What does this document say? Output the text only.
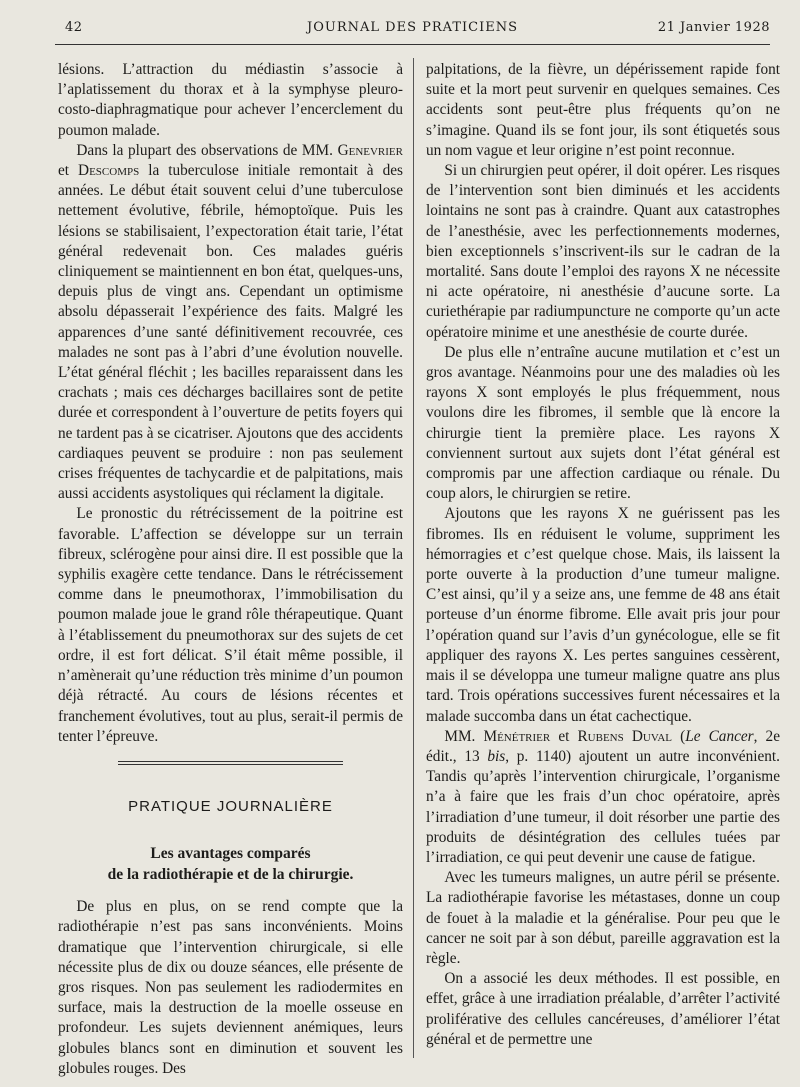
42	JOURNAL DES PRATICIENS	21 Janvier 1928

lésions. L’attraction du médiastin s’associe à l’aplatissement du thorax et à la symphyse pleuro-costo-diaphragmatique pour achever l’encerclement du poumon malade.

Dans la plupart des observations de MM. Genevrier et Descomps la tuberculose initiale remontait à des années. Le début était souvent celui d’une tuberculose nettement évolutive, fébrile, hémoptoïque. Puis les lésions se stabilisaient, l’expectoration était tarie, l’état général redevenait bon. Ces malades guéris cliniquement se maintiennent en bon état, quelques-uns, depuis plus de vingt ans. Cependant un optimisme absolu dépasserait l’expérience des faits. Malgré les apparences d’une santé définitivement recouvrée, ces malades ne sont pas à l’abri d’une évolution nouvelle. L’état général fléchit ; les bacilles reparaissent dans les crachats ; mais ces décharges bacillaires sont de petite durée et correspondent à l’ouverture de petits foyers qui ne tardent pas à se cicatriser. Ajoutons que des accidents cardiaques peuvent se produire : non pas seulement crises fréquentes de tachycardie et de palpitations, mais aussi accidents asystoliques qui réclament la digitale.

Le pronostic du rétrécissement de la poitrine est favorable. L’affection se développe sur un terrain fibreux, sclérogène pour ainsi dire. Il est possible que la syphilis exagère cette tendance. Dans le rétrécissement comme dans le pneumothorax, l’immobilisation du poumon malade joue le grand rôle thérapeutique. Quant à l’établissement du pneumothorax sur des sujets de cet ordre, il est fort délicat. S’il était même possible, il n’amènerait qu’une réduction très minime d’un poumon déjà rétracté. Au cours de lésions récentes et franchement évolutives, tout au plus, serait-il permis de tenter l’épreuve.

PRATIQUE JOURNALIÈRE
Les avantages comparés
de la radiothérapie et de la chirurgie.

De plus en plus, on se rend compte que la radiothérapie n’est pas sans inconvénients. Moins dramatique que l’intervention chirurgicale, si elle nécessite plus de dix ou douze séances, elle présente de gros risques. Non pas seulement les radiodermites en surface, mais la destruction de la moelle osseuse en profondeur. Les sujets deviennent anémiques, leurs globules blancs sont en diminution et souvent les globules rouges. Des

palpitations, de la fièvre, un dépérissement rapide font suite et la mort peut survenir en quelques semaines. Ces accidents sont peut-être plus fréquents qu’on ne s’imagine. Quand ils se font jour, ils sont étiquetés sous un nom vague et leur origine n’est point reconnue.

Si un chirurgien peut opérer, il doit opérer. Les risques de l’intervention sont bien diminués et les accidents lointains ne sont pas à craindre. Quant aux catastrophes de l’anesthésie, avec les perfectionnements modernes, bien exceptionnels s’inscrivent-ils sur le cadran de la mortalité. Sans doute l’emploi des rayons X ne nécessite ni acte opératoire, ni anesthésie d’aucune sorte. La curiethérapie par radiumpuncture ne comporte qu’un acte opératoire minime et une anesthésie de courte durée.

De plus elle n’entraîne aucune mutilation et c’est un gros avantage. Néanmoins pour une des maladies où les rayons X sont employés le plus fréquemment, nous voulons dire les fibromes, il semble que là encore la chirurgie tient la première place. Les rayons X conviennent surtout aux sujets dont l’état général est compromis par une affection cardiaque ou rénale. Du coup alors, le chirurgien se retire.

Ajoutons que les rayons X ne guérissent pas les fibromes. Ils en réduisent le volume, suppriment les hémorragies et c’est quelque chose. Mais, ils laissent la porte ouverte à la production d’une tumeur maligne. C’est ainsi, qu’il y a seize ans, une femme de 48 ans était porteuse d’un énorme fibrome. Elle avait pris jour pour l’opération quand sur l’avis d’un gynécologue, elle se fit appliquer des rayons X. Les pertes sanguines cessèrent, mais il se développa une tumeur maligne quatre ans plus tard. Trois opérations successives furent nécessaires et la malade succomba dans un état cachectique.

MM. Ménétrier et Rubens Duval (Le Cancer, 2e édit., 13 bis, p. 1140) ajoutent un autre inconvénient. Tandis qu’après l’intervention chirurgicale, l’organisme n’a à faire que les frais d’un choc opératoire, après l’irradiation d’une tumeur, il doit résorber une partie des produits de désintégration des cellules tuées par l’irradiation, ce qui peut devenir une cause de fatigue.

Avec les tumeurs malignes, un autre péril se présente. La radiothérapie favorise les métastases, donne un coup de fouet à la maladie et la généralise. Pour peu que le cancer ne soit par à son début, pareille aggravation est la règle.

On a associé les deux méthodes. Il est possible, en effet, grâce à une irradiation préalable, d’arrêter l’activité proliférative des cellules cancéreuses, d’améliorer l’état général et de permettre une
